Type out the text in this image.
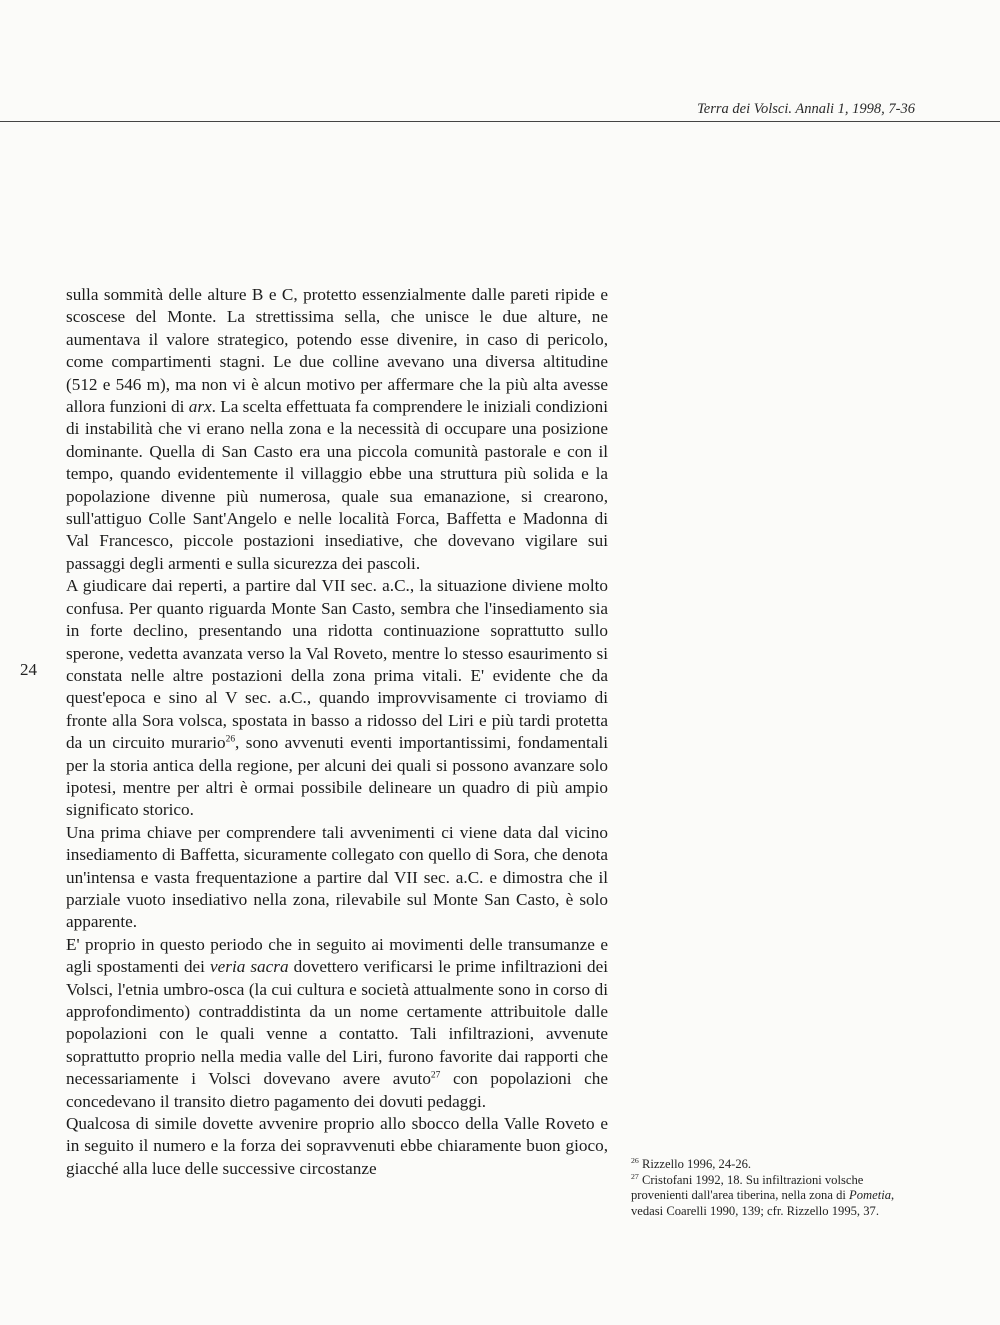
Terra dei Volsci. Annali 1, 1998, 7-36
24

sulla sommità delle alture B e C, protetto essenzialmente dalle pareti ripide e scoscese del Monte. La strettissima sella, che unisce le due alture, ne aumentava il valore strategico, potendo esse divenire, in caso di pericolo, come compartimenti stagni. Le due colline avevano una diversa altitudine (512 e 546 m), ma non vi è alcun motivo per affermare che la più alta avesse allora funzioni di arx. La scelta effettuata fa comprendere le iniziali condizioni di instabilità che vi erano nella zona e la necessità di occupare una posizione dominante. Quella di San Casto era una piccola comunità pastorale e con il tempo, quando evidentemente il villaggio ebbe una struttura più solida e la popolazione divenne più numerosa, quale sua emanazione, si crearono, sull'attiguo Colle Sant'Angelo e nelle località Forca, Baffetta e Madonna di Val Francesco, piccole postazioni insediative, che dovevano vigilare sui passaggi degli armenti e sulla sicurezza dei pascoli.

A giudicare dai reperti, a partire dal VII sec. a.C., la situazione diviene molto confusa. Per quanto riguarda Monte San Casto, sembra che l'insediamento sia in forte declino, presentando una ridotta continuazione soprattutto sullo sperone, vedetta avanzata verso la Val Roveto, mentre lo stesso esaurimento si constata nelle altre postazioni della zona prima vitali. E' evidente che da quest'epoca e sino al V sec. a.C., quando improvvisamente ci troviamo di fronte alla Sora volsca, spostata in basso a ridosso del Liri e più tardi protetta da un circuito murario$^{26}$, sono avvenuti eventi importantissimi, fondamentali per la storia antica della regione, per alcuni dei quali si possono avanzare solo ipotesi, mentre per altri è ormai possibile delineare un quadro di più ampio significato storico.

Una prima chiave per comprendere tali avvenimenti ci viene data dal vicino insediamento di Baffetta, sicuramente collegato con quello di Sora, che denota un'intensa e vasta frequentazione a partire dal VII sec. a.C. e dimostra che il parziale vuoto insediativo nella zona, rilevabile sul Monte San Casto, è solo apparente.

E' proprio in questo periodo che in seguito ai movimenti delle transumanze e agli spostamenti dei veria sacra dovettero verificarsi le prime infiltrazioni dei Volsci, l'etnia umbro-osca (la cui cultura e società attualmente sono in corso di approfondimento) contraddistinta da un nome certamente attribuitole dalle popolazioni con le quali venne a contatto. Tali infiltrazioni, avvenute soprattutto proprio nella media valle del Liri, furono favorite dai rapporti che necessariamente i Volsci dovevano avere avuto$^{27}$ con popolazioni che concedevano il transito dietro pagamento dei dovuti pedaggi.

Qualcosa di simile dovette avvenire proprio allo sbocco della Valle Roveto e in seguito il numero e la forza dei sopravvenuti ebbe chiaramente buon gioco, giacché alla luce delle successive circostanze	$^{26}$ Rizzello 1996, 24-26.

$^{27}$ Cristofani 1992, 18. Su infiltrazioni volsche provenienti dall'area tiberina, nella zona di Pometia, vedasi Coarelli 1990, 139; cfr. Rizzello 1995, 37.
